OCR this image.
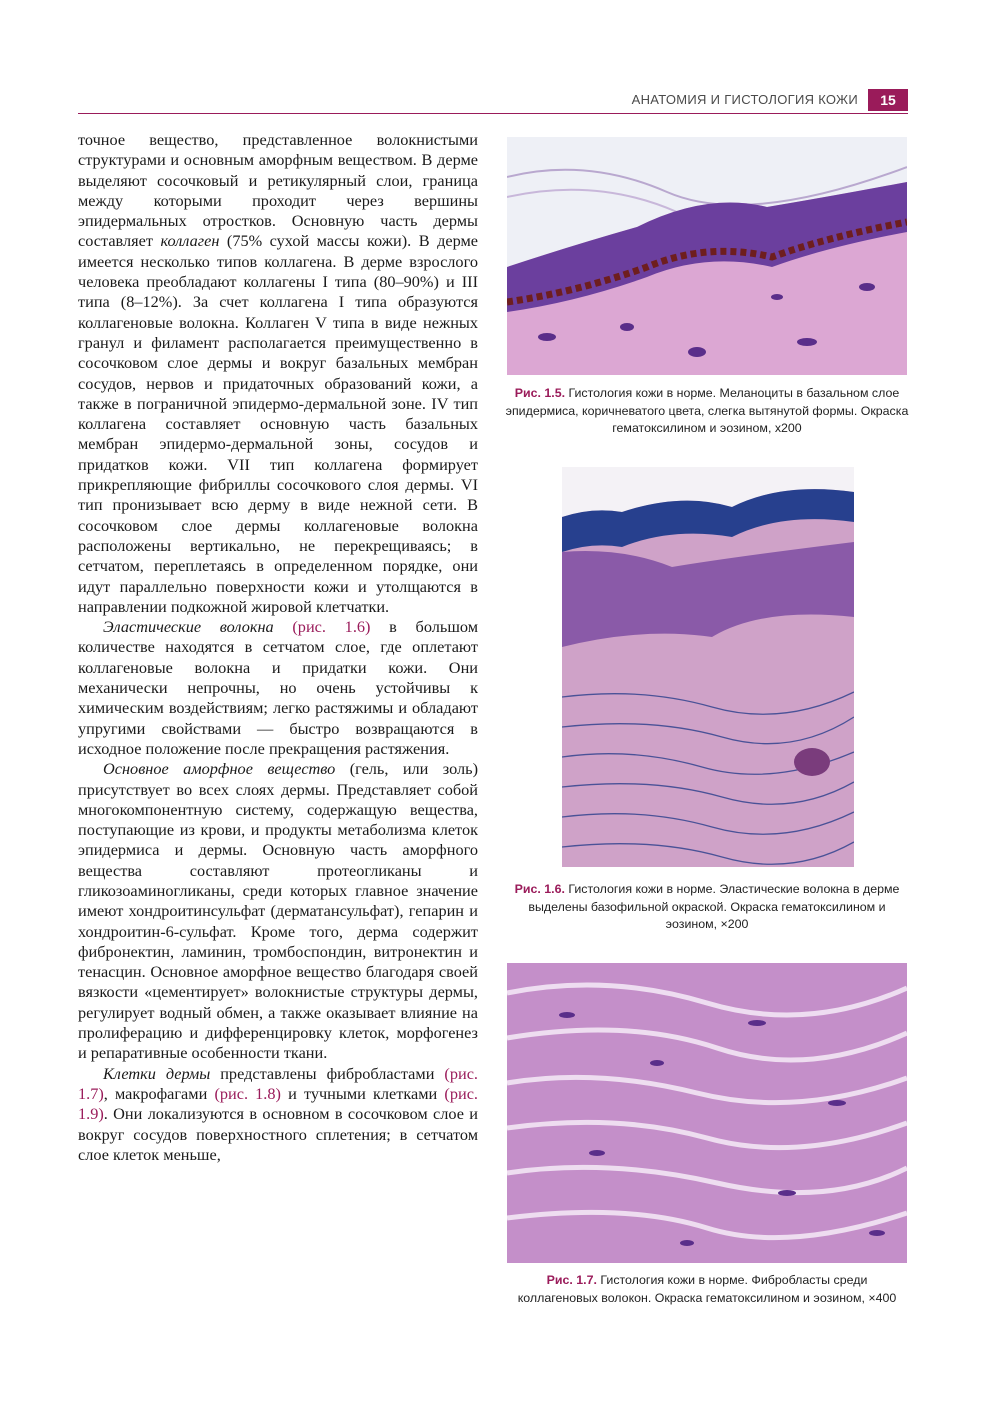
АНАТОМИЯ И ГИСТОЛОГИЯ КОЖИ	15

точное вещество, представленное волокнистыми структурами и основным аморфным веществом. В дерме выделяют сосочковый и ретикулярный слои, граница между которыми проходит через вершины эпидермальных отростков. Основную часть дермы составляет коллаген (75% сухой массы кожи). В дерме имеется несколько типов коллагена. В дерме взрослого человека преобладают коллагены I типа (80–90%) и III типа (8–12%). За счет коллагена I типа образуются коллагеновые волокна. Коллаген V типа в виде нежных гранул и филамент располагается преимущественно в сосочковом слое дермы и вокруг базальных мембран сосудов, нервов и придаточных образований кожи, а также в пограничной эпидермо-дермальной зоне. IV тип коллагена составляет основную часть базальных мембран эпидермо-дермальной зоны, сосудов и придатков кожи. VII тип коллагена формирует прикрепляющие фибриллы сосочкового слоя дермы. VI тип пронизывает всю дерму в виде нежной сети. В сосочковом слое дермы коллагеновые волокна расположены вертикально, не перекрещиваясь; в сетчатом, переплетаясь в определенном порядке, они идут параллельно поверхности кожи и утолщаются в направлении подкожной жировой клетчатки.

Эластические волокна (рис. 1.6) в большом количестве находятся в сетчатом слое, где оплетают коллагеновые волокна и придатки кожи. Они механически непрочны, но очень устойчивы к химическим воздействиям; легко растяжимы и обладают упругими свойствами — быстро возвращаются в исходное положение после прекращения растяжения.

Основное аморфное вещество (гель, или золь) присутствует во всех слоях дермы. Представляет собой многокомпонентную систему, содержащую вещества, поступающие из крови, и продукты метаболизма клеток эпидермиса и дермы. Основную часть аморфного вещества составляют протеогликаны и гликозоаминогликаны, среди которых главное значение имеют хондроитинсульфат (дерматансульфат), гепарин и хондроитин-6-сульфат. Кроме того, дерма содержит фибронектин, ламинин, тромбоспондин, витронектин и тенасцин. Основное аморфное вещество благодаря своей вязкости «цементирует» волокнистые структуры дермы, регулирует водный обмен, а также оказывает влияние на пролиферацию и дифференцировку клеток, морфогенез и репаративные особенности ткани.

Клетки дермы представлены фибробластами (рис. 1.7), макрофагами (рис. 1.8) и тучными клетками (рис. 1.9). Они локализуются в основном в сосочковом слое и вокруг сосудов поверхностного сплетения; в сетчатом слое клеток меньше,

Рис. 1.5. Гистология кожи в норме. Меланоциты в базальном слое эпидермиса, коричневатого цвета, слегка вытянутой формы. Окраска гематоксилином и эозином, х200
Рис. 1.6. Гистология кожи в норме. Эластические волокна в дерме выделены базофильной окраской. Окраска гематоксилином и эозином, ×200
Рис. 1.7. Гистология кожи в норме. Фибробласты среди коллагеновых волокон. Окраска гематоксилином и эозином, ×400
